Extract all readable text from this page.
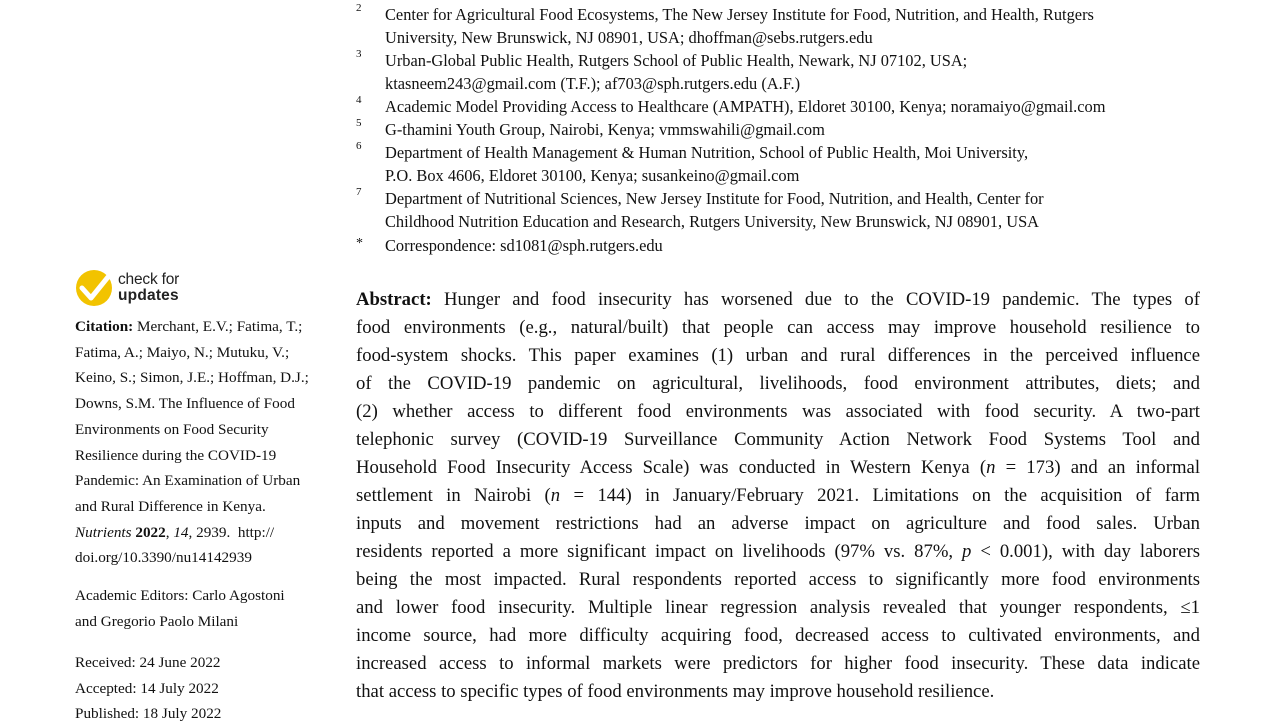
2	Center for Agricultural Food Ecosystems, The New Jersey Institute for Food, Nutrition, and Health, Rutgers
University, New Brunswick, NJ 08901, USA; dhoffman@sebs.rutgers.edu
3	Urban-Global Public Health, Rutgers School of Public Health, Newark, NJ 07102, USA;
ktasneem243@gmail.com (T.F.); af703@sph.rutgers.edu (A.F.)
4	Academic Model Providing Access to Healthcare (AMPATH), Eldoret 30100, Kenya; noramaiyo@gmail.com
5	G-thamini Youth Group, Nairobi, Kenya; vmmswahili@gmail.com
6	Department of Health Management & Human Nutrition, School of Public Health, Moi University,
P.O. Box 4606, Eldoret 30100, Kenya; susankeino@gmail.com
7	Department of Nutritional Sciences, New Jersey Institute for Food, Nutrition, and Health, Center for
Childhood Nutrition Education and Research, Rutgers University, New Brunswick, NJ 08901, USA
*	Correspondence: sd1081@sph.rutgers.edu
Abstract: Hunger and food insecurity has worsened due to the COVID-19 pandemic. The types of
food environments (e.g., natural/built) that people can access may improve household resilience to
food-system shocks. This paper examines (1) urban and rural differences in the perceived influence
of the COVID-19 pandemic on agricultural, livelihoods, food environment attributes, diets; and
(2) whether access to different food environments was associated with food security. A two-part
telephonic survey (COVID-19 Surveillance Community Action Network Food Systems Tool and
Household Food Insecurity Access Scale) was conducted in Western Kenya (n = 173) and an informal
settlement in Nairobi (n = 144) in January/February 2021. Limitations on the acquisition of farm
inputs and movement restrictions had an adverse impact on agriculture and food sales. Urban
residents reported a more significant impact on livelihoods (97% vs. 87%, p < 0.001), with day laborers
being the most impacted. Rural respondents reported access to significantly more food environments
and lower food insecurity. Multiple linear regression analysis revealed that younger respondents, ≤1
income source, had more difficulty acquiring food, decreased access to cultivated environments, and
increased access to informal markets were predictors for higher food insecurity. These data indicate
that access to specific types of food environments may improve household resilience.
check for
updates
Citation: Merchant, E.V.; Fatima, T.;
Fatima, A.; Maiyo, N.; Mutuku, V.;
Keino, S.; Simon, J.E.; Hoffman, D.J.;
Downs, S.M. The Influence of Food
Environments on Food Security
Resilience during the COVID-19
Pandemic: An Examination of Urban
and Rural Difference in Kenya.
Nutrients 2022, 14, 2939. http://
doi.org/10.3390/nu14142939
Academic Editors: Carlo Agostoni
and Gregorio Paolo Milani
Received: 24 June 2022
Accepted: 14 July 2022
Published: 18 July 2022
